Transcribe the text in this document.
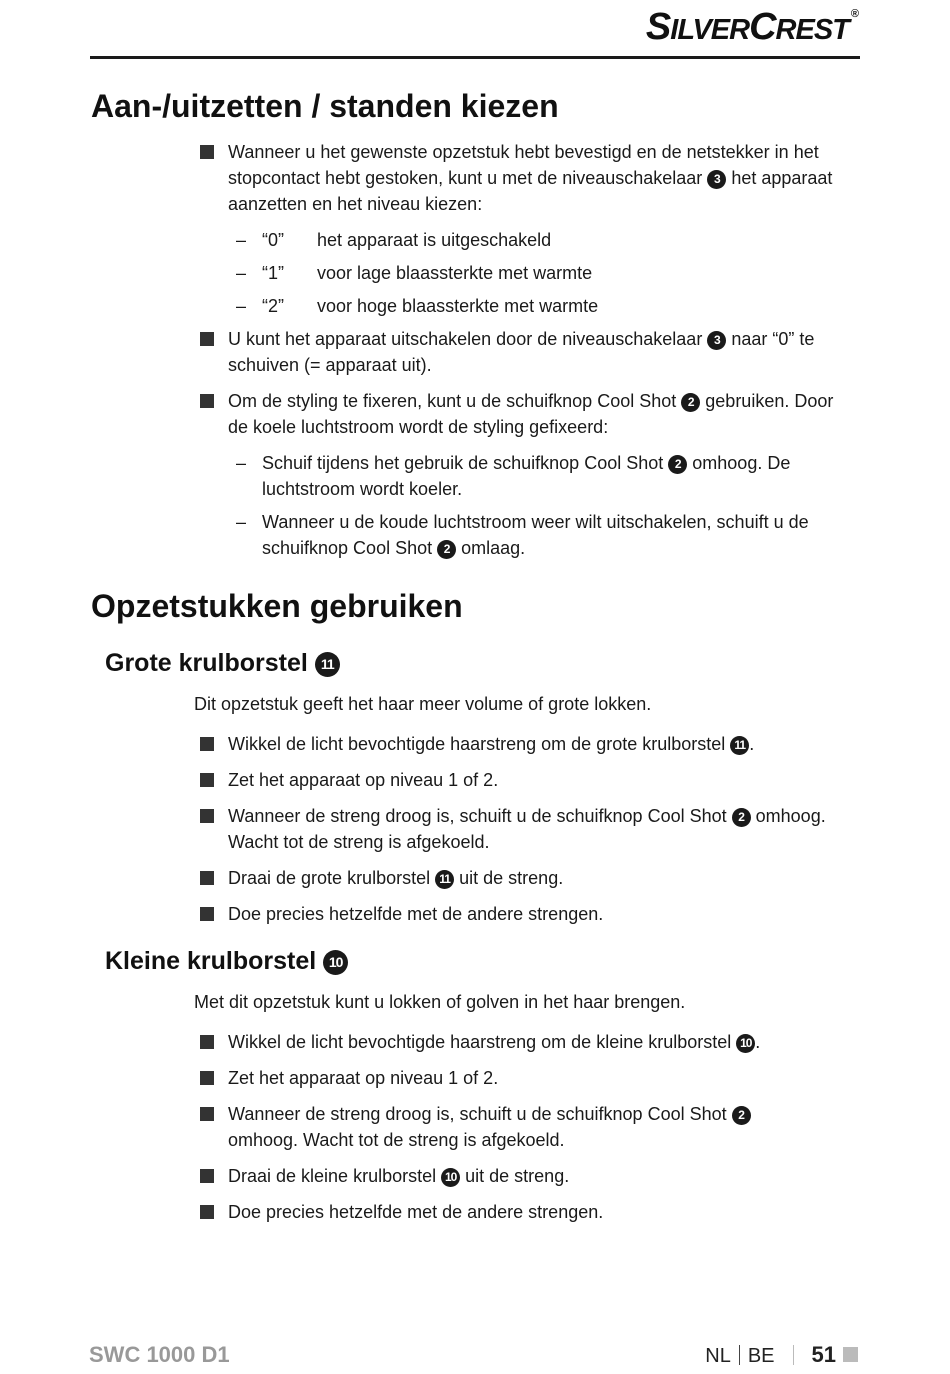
SILVERCREST ®
Aan-/uitzetten / standen kiezen
Wanneer u het gewenste opzetstuk hebt bevestigd en de netstekker in het stopcontact hebt gestoken, kunt u met de niveauschakelaar 3 het apparaat aanzetten en het niveau kiezen:
– “0” het apparaat is uitgeschakeld
– “1” voor lage blaassterkte met warmte
– “2” voor hoge blaassterkte met warmte
U kunt het apparaat uitschakelen door de niveauschakelaar 3 naar “0” te schuiven (= apparaat uit).
Om de styling te fixeren, kunt u de schuifknop Cool Shot 2 gebruiken. Door de koele luchtstroom wordt de styling gefixeerd:
– Schuif tijdens het gebruik de schuifknop Cool Shot 2 omhoog. De luchtstroom wordt koeler.
– Wanneer u de koude luchtstroom weer wilt uitschakelen, schuift u de schuifknop Cool Shot 2 omlaag.
Opzetstukken gebruiken
Grote krulborstel 11
Dit opzetstuk geeft het haar meer volume of grote lokken.
Wikkel de licht bevochtigde haarstreng om de grote krulborstel 11 .
Zet het apparaat op niveau 1 of 2.
Wanneer de streng droog is, schuift u de schuifknop Cool Shot 2 omhoog. Wacht tot de streng is afgekoeld.
Draai de grote krulborstel 11 uit de streng.
Doe precies hetzelfde met de andere strengen.
Kleine krulborstel 10
Met dit opzetstuk kunt u lokken of golven in het haar brengen.
Wikkel de licht bevochtigde haarstreng om de kleine krulborstel 10 .
Zet het apparaat op niveau 1 of 2.
Wanneer de streng droog is, schuift u de schuifknop Cool Shot 2 omhoog. Wacht tot de streng is afgekoeld.
Draai de kleine krulborstel 10 uit de streng.
Doe precies hetzelfde met de andere strengen.
SWC 1000 D1	NL BE 51
